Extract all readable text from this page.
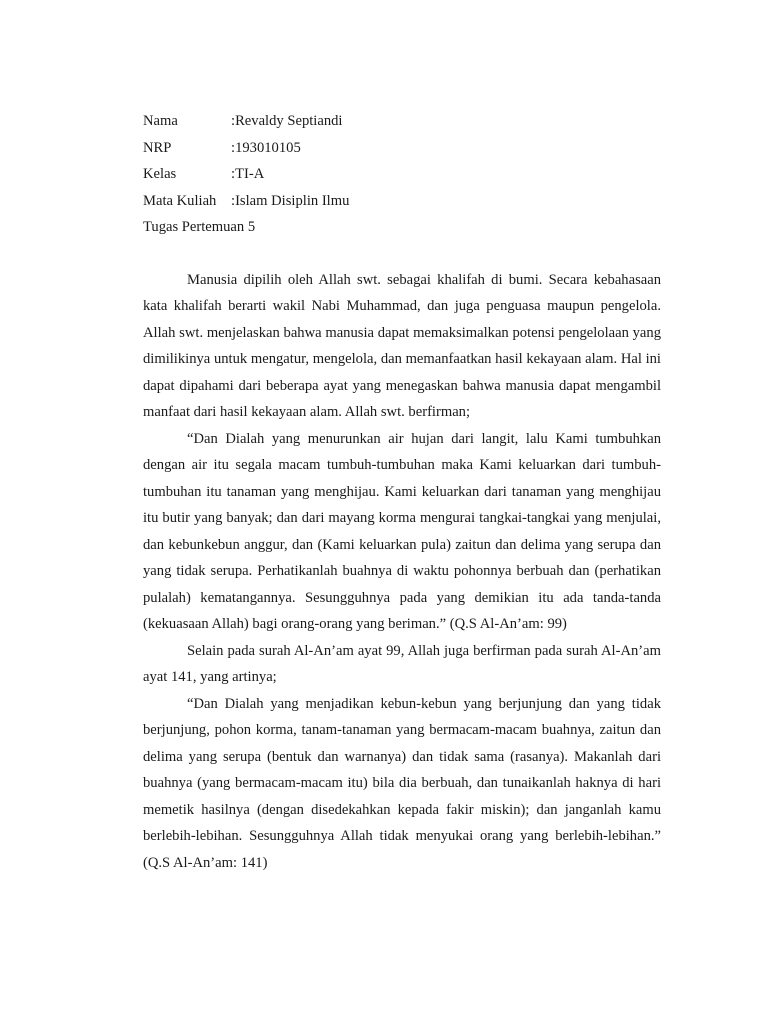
Nama	: Revaldy Septiandi
NRP	: 193010105
Kelas	: TI-A
Mata Kuliah	: Islam Disiplin Ilmu
Tugas Pertemuan 5

Manusia dipilih oleh Allah swt. sebagai khalifah di bumi. Secara kebahasaan kata khalifah berarti wakil Nabi Muhammad, dan juga penguasa maupun pengelola. Allah swt. menjelaskan bahwa manusia dapat memaksimalkan potensi pengelolaan yang dimilikinya untuk mengatur, mengelola, dan memanfaatkan hasil kekayaan alam. Hal ini dapat dipahami dari beberapa ayat yang menegaskan bahwa manusia dapat mengambil manfaat dari hasil kekayaan alam. Allah swt. berfirman;

“Dan Dialah yang menurunkan air hujan dari langit, lalu Kami tumbuhkan dengan air itu segala macam tumbuh-tumbuhan maka Kami keluarkan dari tumbuh-tumbuhan itu tanaman yang menghijau. Kami keluarkan dari tanaman yang menghijau itu butir yang banyak; dan dari mayang korma mengurai tangkai-tangkai yang menjulai, dan kebunkebun anggur, dan (Kami keluarkan pula) zaitun dan delima yang serupa dan yang tidak serupa. Perhatikanlah buahnya di waktu pohonnya berbuah dan (perhatikan pulalah) kematangannya. Sesungguhnya pada yang demikian itu ada tanda-tanda (kekuasaan Allah) bagi orang-orang yang beriman.” (Q.S Al-An’am: 99)

Selain pada surah Al-An’am ayat 99, Allah juga berfirman pada surah Al-An’am ayat 141, yang artinya;

“Dan Dialah yang menjadikan kebun-kebun yang berjunjung dan yang tidak berjunjung, pohon korma, tanam-tanaman yang bermacam-macam buahnya, zaitun dan delima yang serupa (bentuk dan warnanya) dan tidak sama (rasanya). Makanlah dari buahnya (yang bermacam-macam itu) bila dia berbuah, dan tunaikanlah haknya di hari memetik hasilnya (dengan disedekahkan kepada fakir miskin); dan janganlah kamu berlebih-lebihan. Sesungguhnya Allah tidak menyukai orang yang berlebih-lebihan.” (Q.S Al-An’am: 141)
